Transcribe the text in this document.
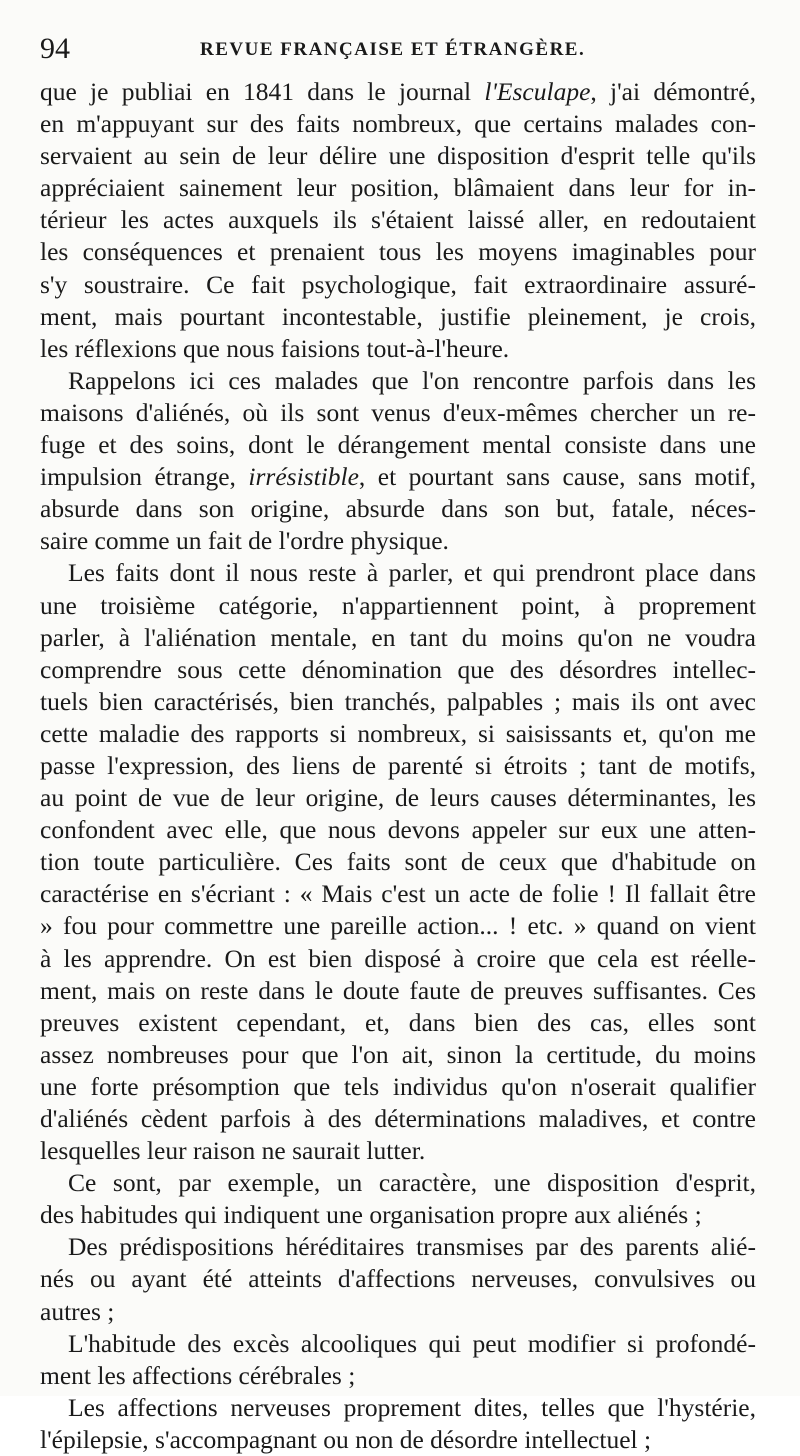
94	REVUE FRANÇAISE ET ÉTRANGÈRE.
que je publiai en 1841 dans le journal l'Esculape, j'ai démontré,
en m'appuyant sur des faits nombreux, que certains malades con-
servaient au sein de leur délire une disposition d'esprit telle qu'ils
appréciaient sainement leur position, blâmaient dans leur for in-
térieur les actes auxquels ils s'étaient laissé aller, en redoutaient
les conséquences et prenaient tous les moyens imaginables pour
s'y soustraire. Ce fait psychologique, fait extraordinaire assuré-
ment, mais pourtant incontestable, justifie pleinement, je crois,
les réflexions que nous faisions tout-à-l'heure.
Rappelons ici ces malades que l'on rencontre parfois dans les
maisons d'aliénés, où ils sont venus d'eux-mêmes chercher un re-
fuge et des soins, dont le dérangement mental consiste dans une
impulsion étrange, irrésistible, et pourtant sans cause, sans motif,
absurde dans son origine, absurde dans son but, fatale, néces-
saire comme un fait de l'ordre physique.
Les faits dont il nous reste à parler, et qui prendront place dans
une troisième catégorie, n'appartiennent point, à proprement
parler, à l'aliénation mentale, en tant du moins qu'on ne voudra
comprendre sous cette dénomination que des désordres intellec-
tuels bien caractérisés, bien tranchés, palpables ; mais ils ont avec
cette maladie des rapports si nombreux, si saisissants et, qu'on me
passe l'expression, des liens de parenté si étroits ; tant de motifs,
au point de vue de leur origine, de leurs causes déterminantes, les
confondent avec elle, que nous devons appeler sur eux une atten-
tion toute particulière. Ces faits sont de ceux que d'habitude on
caractérise en s'écriant : « Mais c'est un acte de folie ! Il fallait être
» fou pour commettre une pareille action... ! etc. » quand on vient
à les apprendre. On est bien disposé à croire que cela est réelle-
ment, mais on reste dans le doute faute de preuves suffisantes. Ces
preuves existent cependant, et, dans bien des cas, elles sont
assez nombreuses pour que l'on ait, sinon la certitude, du moins
une forte présomption que tels individus qu'on n'oserait qualifier
d'aliénés cèdent parfois à des déterminations maladives, et contre
lesquelles leur raison ne saurait lutter.
Ce sont, par exemple, un caractère, une disposition d'esprit,
des habitudes qui indiquent une organisation propre aux aliénés ;
Des prédispositions héréditaires transmises par des parents alié-
nés ou ayant été atteints d'affections nerveuses, convulsives ou
autres ;
L'habitude des excès alcooliques qui peut modifier si profondé-
ment les affections cérébrales ;
Les affections nerveuses proprement dites, telles que l'hystérie,
l'épilepsie, s'accompagnant ou non de désordre intellectuel ;
